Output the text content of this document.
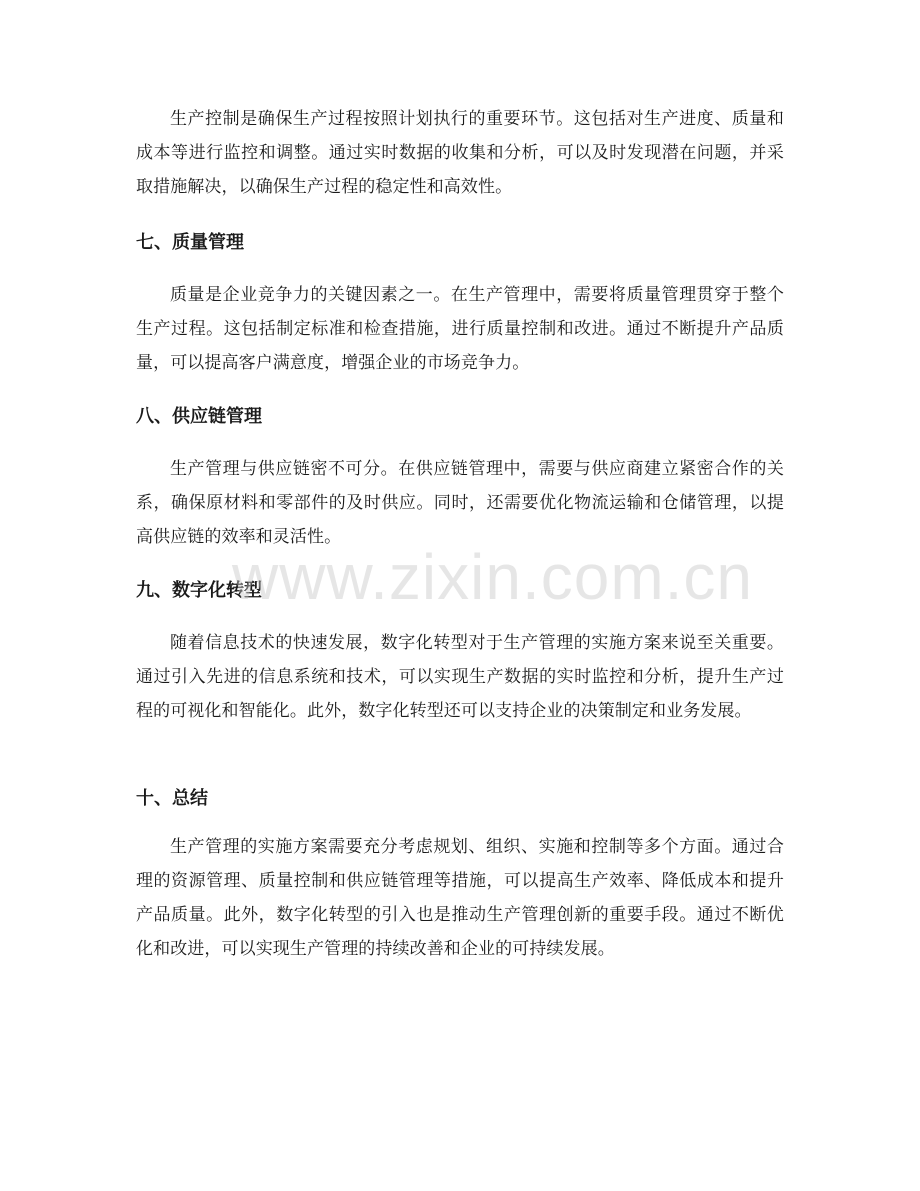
生产控制是确保生产过程按照计划执行的重要环节。这包括对生产进度、质量和成本等进行监控和调整。通过实时数据的收集和分析，可以及时发现潜在问题，并采取措施解决，以确保生产过程的稳定性和高效性。

七、质量管理

质量是企业竞争力的关键因素之一。在生产管理中，需要将质量管理贯穿于整个生产过程。这包括制定标准和检查措施，进行质量控制和改进。通过不断提升产品质量，可以提高客户满意度，增强企业的市场竞争力。

八、供应链管理

生产管理与供应链密不可分。在供应链管理中，需要与供应商建立紧密合作的关系，确保原材料和零部件的及时供应。同时，还需要优化物流运输和仓储管理，以提高供应链的效率和灵活性。

九、数字化转型

随着信息技术的快速发展，数字化转型对于生产管理的实施方案来说至关重要。通过引入先进的信息系统和技术，可以实现生产数据的实时监控和分析，提升生产过程的可视化和智能化。此外，数字化转型还可以支持企业的决策制定和业务发展。

十、总结

生产管理的实施方案需要充分考虑规划、组织、实施和控制等多个方面。通过合理的资源管理、质量控制和供应链管理等措施，可以提高生产效率、降低成本和提升产品质量。此外，数字化转型的引入也是推动生产管理创新的重要手段。通过不断优化和改进，可以实现生产管理的持续改善和企业的可持续发展。

www.zixin.com.cn
